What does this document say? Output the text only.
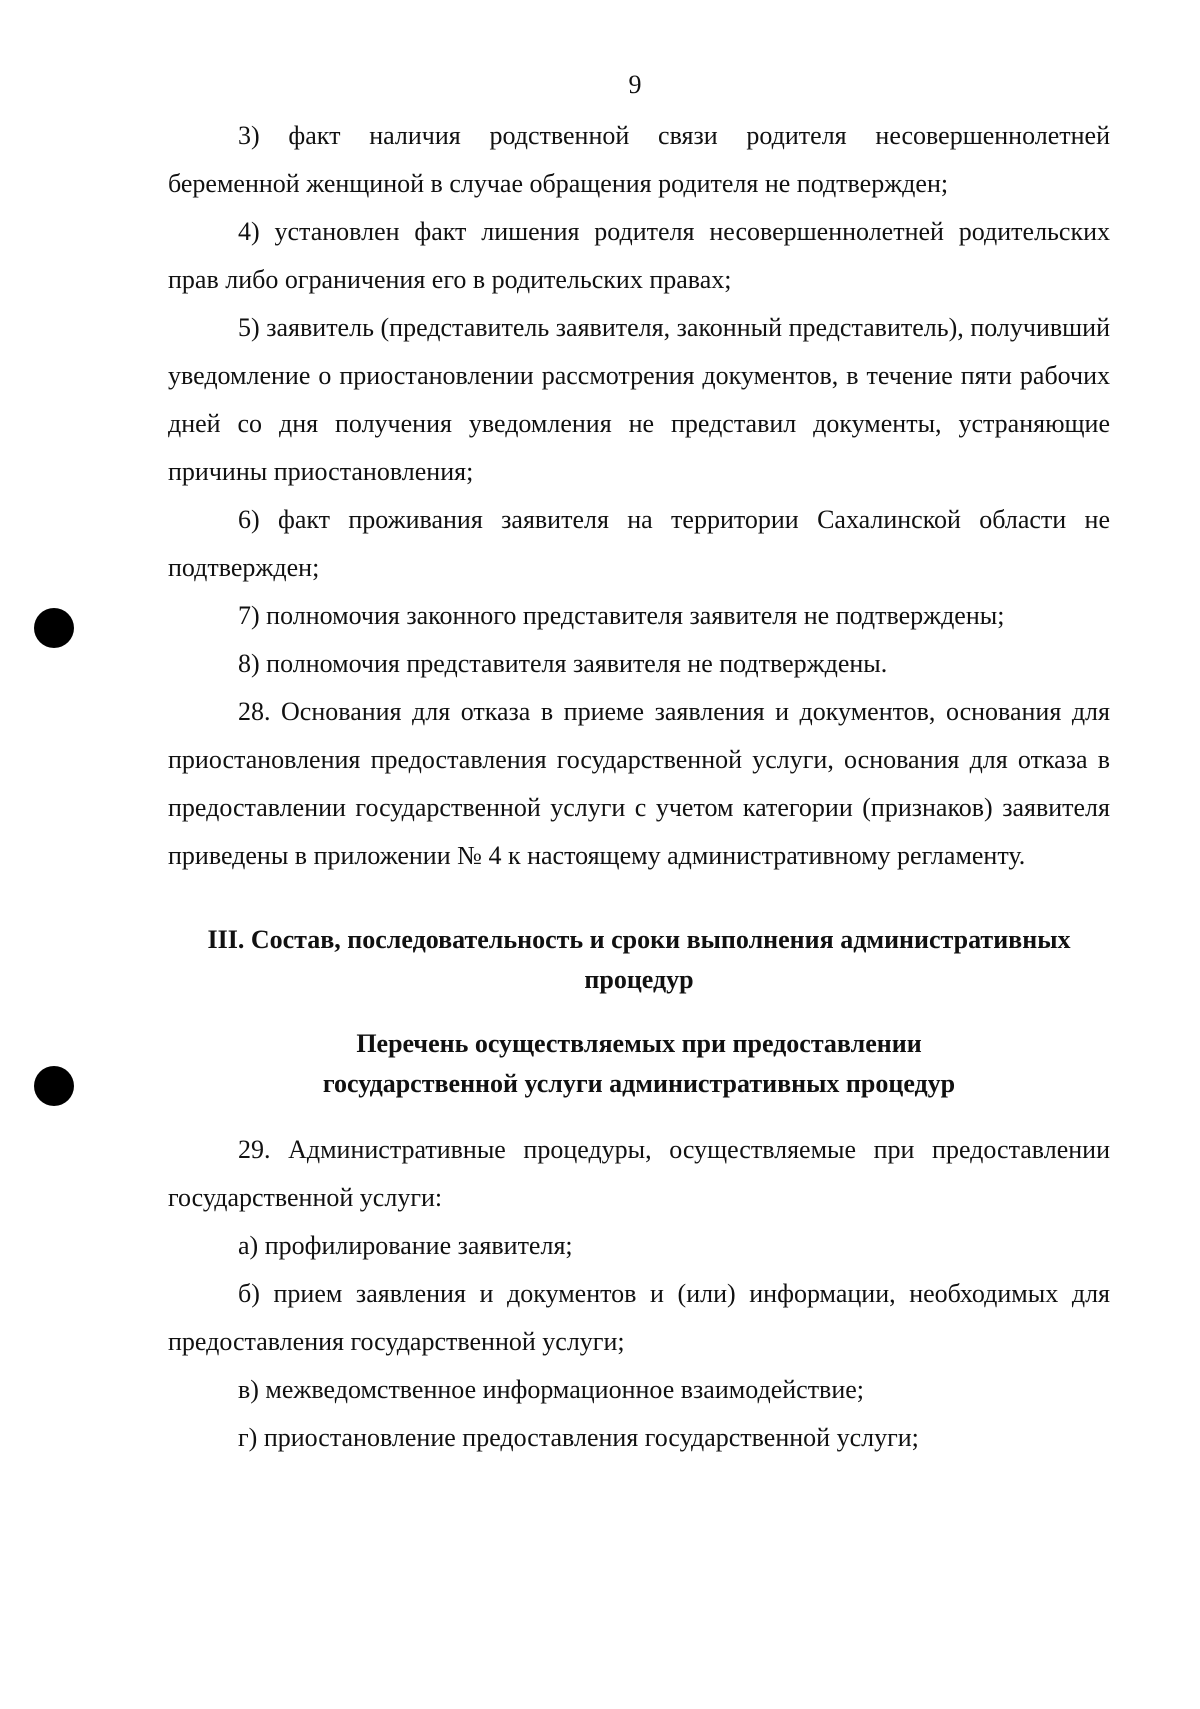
9

3) факт наличия родственной связи родителя несовершеннолетней беременной женщиной в случае обращения родителя не подтвержден;

4) установлен факт лишения родителя несовершеннолетней родительских прав либо ограничения его в родительских правах;

5) заявитель (представитель заявителя, законный представитель), получивший уведомление о приостановлении рассмотрения документов, в течение пяти рабочих дней со дня получения уведомления не представил документы, устраняющие причины приостановления;

6) факт проживания заявителя на территории Сахалинской области не подтвержден;

7) полномочия законного представителя заявителя не подтверждены;

8) полномочия представителя заявителя не подтверждены.

28. Основания для отказа в приеме заявления и документов, основания для приостановления предоставления государственной услуги, основания для отказа в предоставлении государственной услуги с учетом категории (признаков) заявителя приведены в приложении № 4 к настоящему административному регламенту.

III. Состав, последовательность и сроки выполнения административных
процедур
Перечень осуществляемых при предоставлении
государственной услуги административных процедур

29. Административные процедуры, осуществляемые при предоставлении государственной услуги:

а) профилирование заявителя;

б) прием заявления и документов и (или) информации, необходимых для предоставления государственной услуги;

в) межведомственное информационное взаимодействие;

г) приостановление предоставления государственной услуги;
